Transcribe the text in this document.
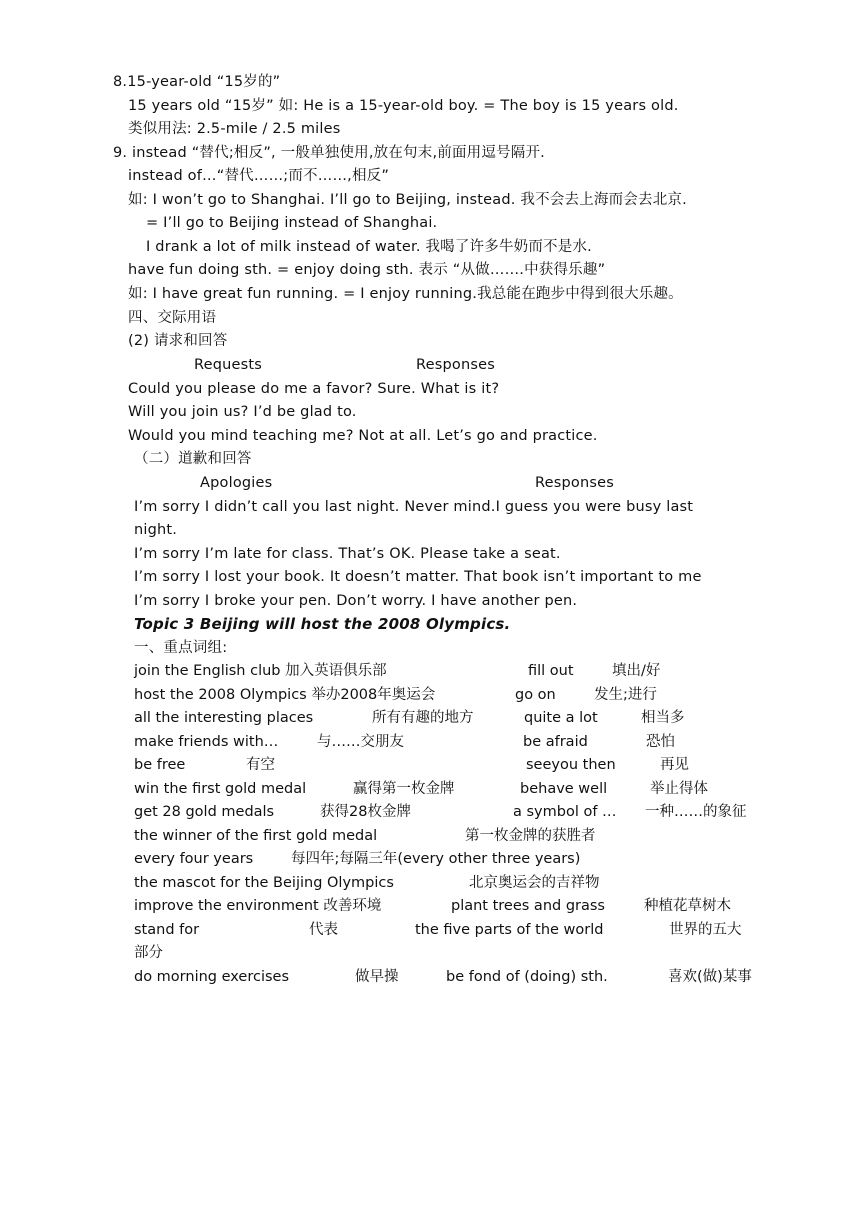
8.15-year-old “15岁的”
15 years old “15岁” 如: He is a 15-year-old boy. = The boy is 15 years old.
类似用法: 2.5-mile / 2.5 miles
9. instead “替代;相反”, 一般单独使用,放在句末,前面用逗号隔开.
instead of…“替代……;而不……,相反”
如: I won’t go to Shanghai. I’ll go to Beijing, instead. 我不会去上海而会去北京.
= I’ll go to Beijing instead of Shanghai.
I drank a lot of milk instead of water. 我喝了许多牛奶而不是水.
have fun doing sth. = enjoy doing sth. 表示 “从做…….中获得乐趣”
如: I have great fun running. = I enjoy running.我总能在跑步中得到很大乐趣。
四、交际用语
(2) 请求和回答
Requests	Responses
Could you please do me a favor? Sure. What is it?
Will you join us? I’d be glad to.
Would you mind teaching me? Not at all. Let’s go and practice.
（二）道歉和回答
Apologies	Responses
I’m sorry I didn’t call you last night. Never mind.I guess you were busy last
night.
I’m sorry I’m late for class. That’s OK. Please take a seat.
I’m sorry I lost your book. It doesn’t matter. That book isn’t important to me
I’m sorry I broke your pen. Don’t worry. I have another pen.
Topic 3 Beijing will host the 2008 Olympics.
一、重点词组:
join the English club 加入英语俱乐部	fill out	填出/好
host the 2008 Olympics 举办2008年奥运会	go on	发生;进行
all the interesting places	所有有趣的地方	quite a lot	相当多
make friends with…	与……交朋友	be afraid	恐怕
be free	有空	seeyou then	再见
win the first gold medal	赢得第一枚金牌	behave well	举止得体
get 28 gold medals	获得28枚金牌	a symbol of … 一种……的象征
the winner of the first gold medal	第一枚金牌的获胜者
every four years	每四年;每隔三年(every other three years)
the mascot for the Beijing Olympics	北京奥运会的吉祥物
improve the environment 改善环境	plant trees and grass	种植花草树木
stand for	代表	the five parts of the world	世界的五大
部分
do morning exercises	做早操	be fond of (doing) sth.	喜欢(做)某事
